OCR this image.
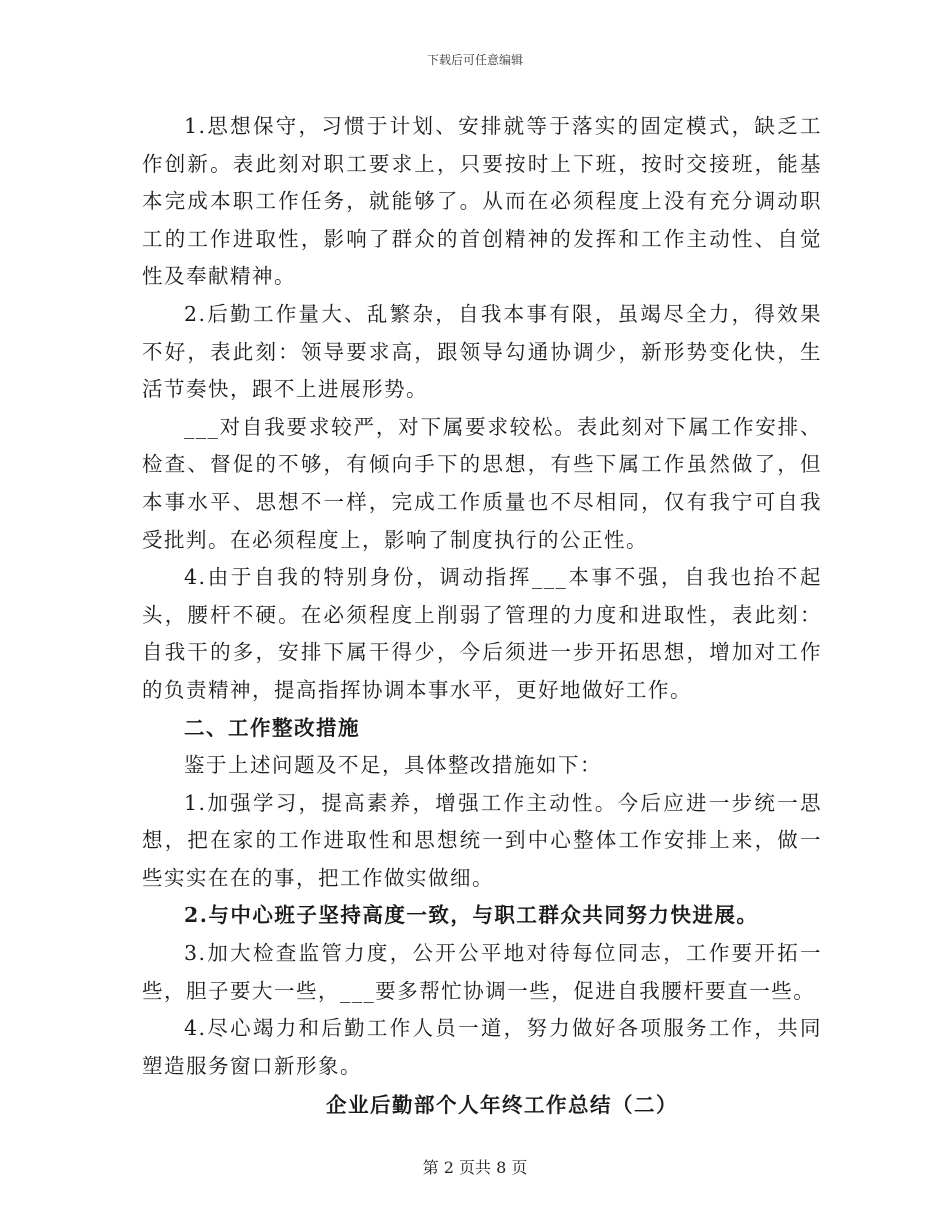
下载后可任意编辑

1.思想保守，习惯于计划、安排就等于落实的固定模式，缺乏工作创新。表此刻对职工要求上，只要按时上下班，按时交接班，能基本完成本职工作任务，就能够了。从而在必须程度上没有充分调动职工的工作进取性，影响了群众的首创精神的发挥和工作主动性、自觉性及奉献精神。

2.后勤工作量大、乱繁杂，自我本事有限，虽竭尽全力，得效果不好，表此刻：领导要求高，跟领导勾通协调少，新形势变化快，生活节奏快，跟不上进展形势。

___对自我要求较严，对下属要求较松。表此刻对下属工作安排、检查、督促的不够，有倾向手下的思想，有些下属工作虽然做了，但本事水平、思想不一样，完成工作质量也不尽相同，仅有我宁可自我受批判。在必须程度上，影响了制度执行的公正性。

4.由于自我的特别身份，调动指挥___本事不强，自我也抬不起头，腰杆不硬。在必须程度上削弱了管理的力度和进取性，表此刻：自我干的多，安排下属干得少，今后须进一步开拓思想，增加对工作的负责精神，提高指挥协调本事水平，更好地做好工作。

二、工作整改措施

鉴于上述问题及不足，具体整改措施如下：

1.加强学习，提高素养，增强工作主动性。今后应进一步统一思想，把在家的工作进取性和思想统一到中心整体工作安排上来，做一些实实在在的事，把工作做实做细。

2.与中心班子坚持高度一致，与职工群众共同努力快进展。

3.加大检查监管力度，公开公平地对待每位同志，工作要开拓一些，胆子要大一些，___要多帮忙协调一些，促进自我腰杆要直一些。

4.尽心竭力和后勤工作人员一道，努力做好各项服务工作，共同塑造服务窗口新形象。

企业后勤部个人年终工作总结（二）

第 2 页共 8 页
